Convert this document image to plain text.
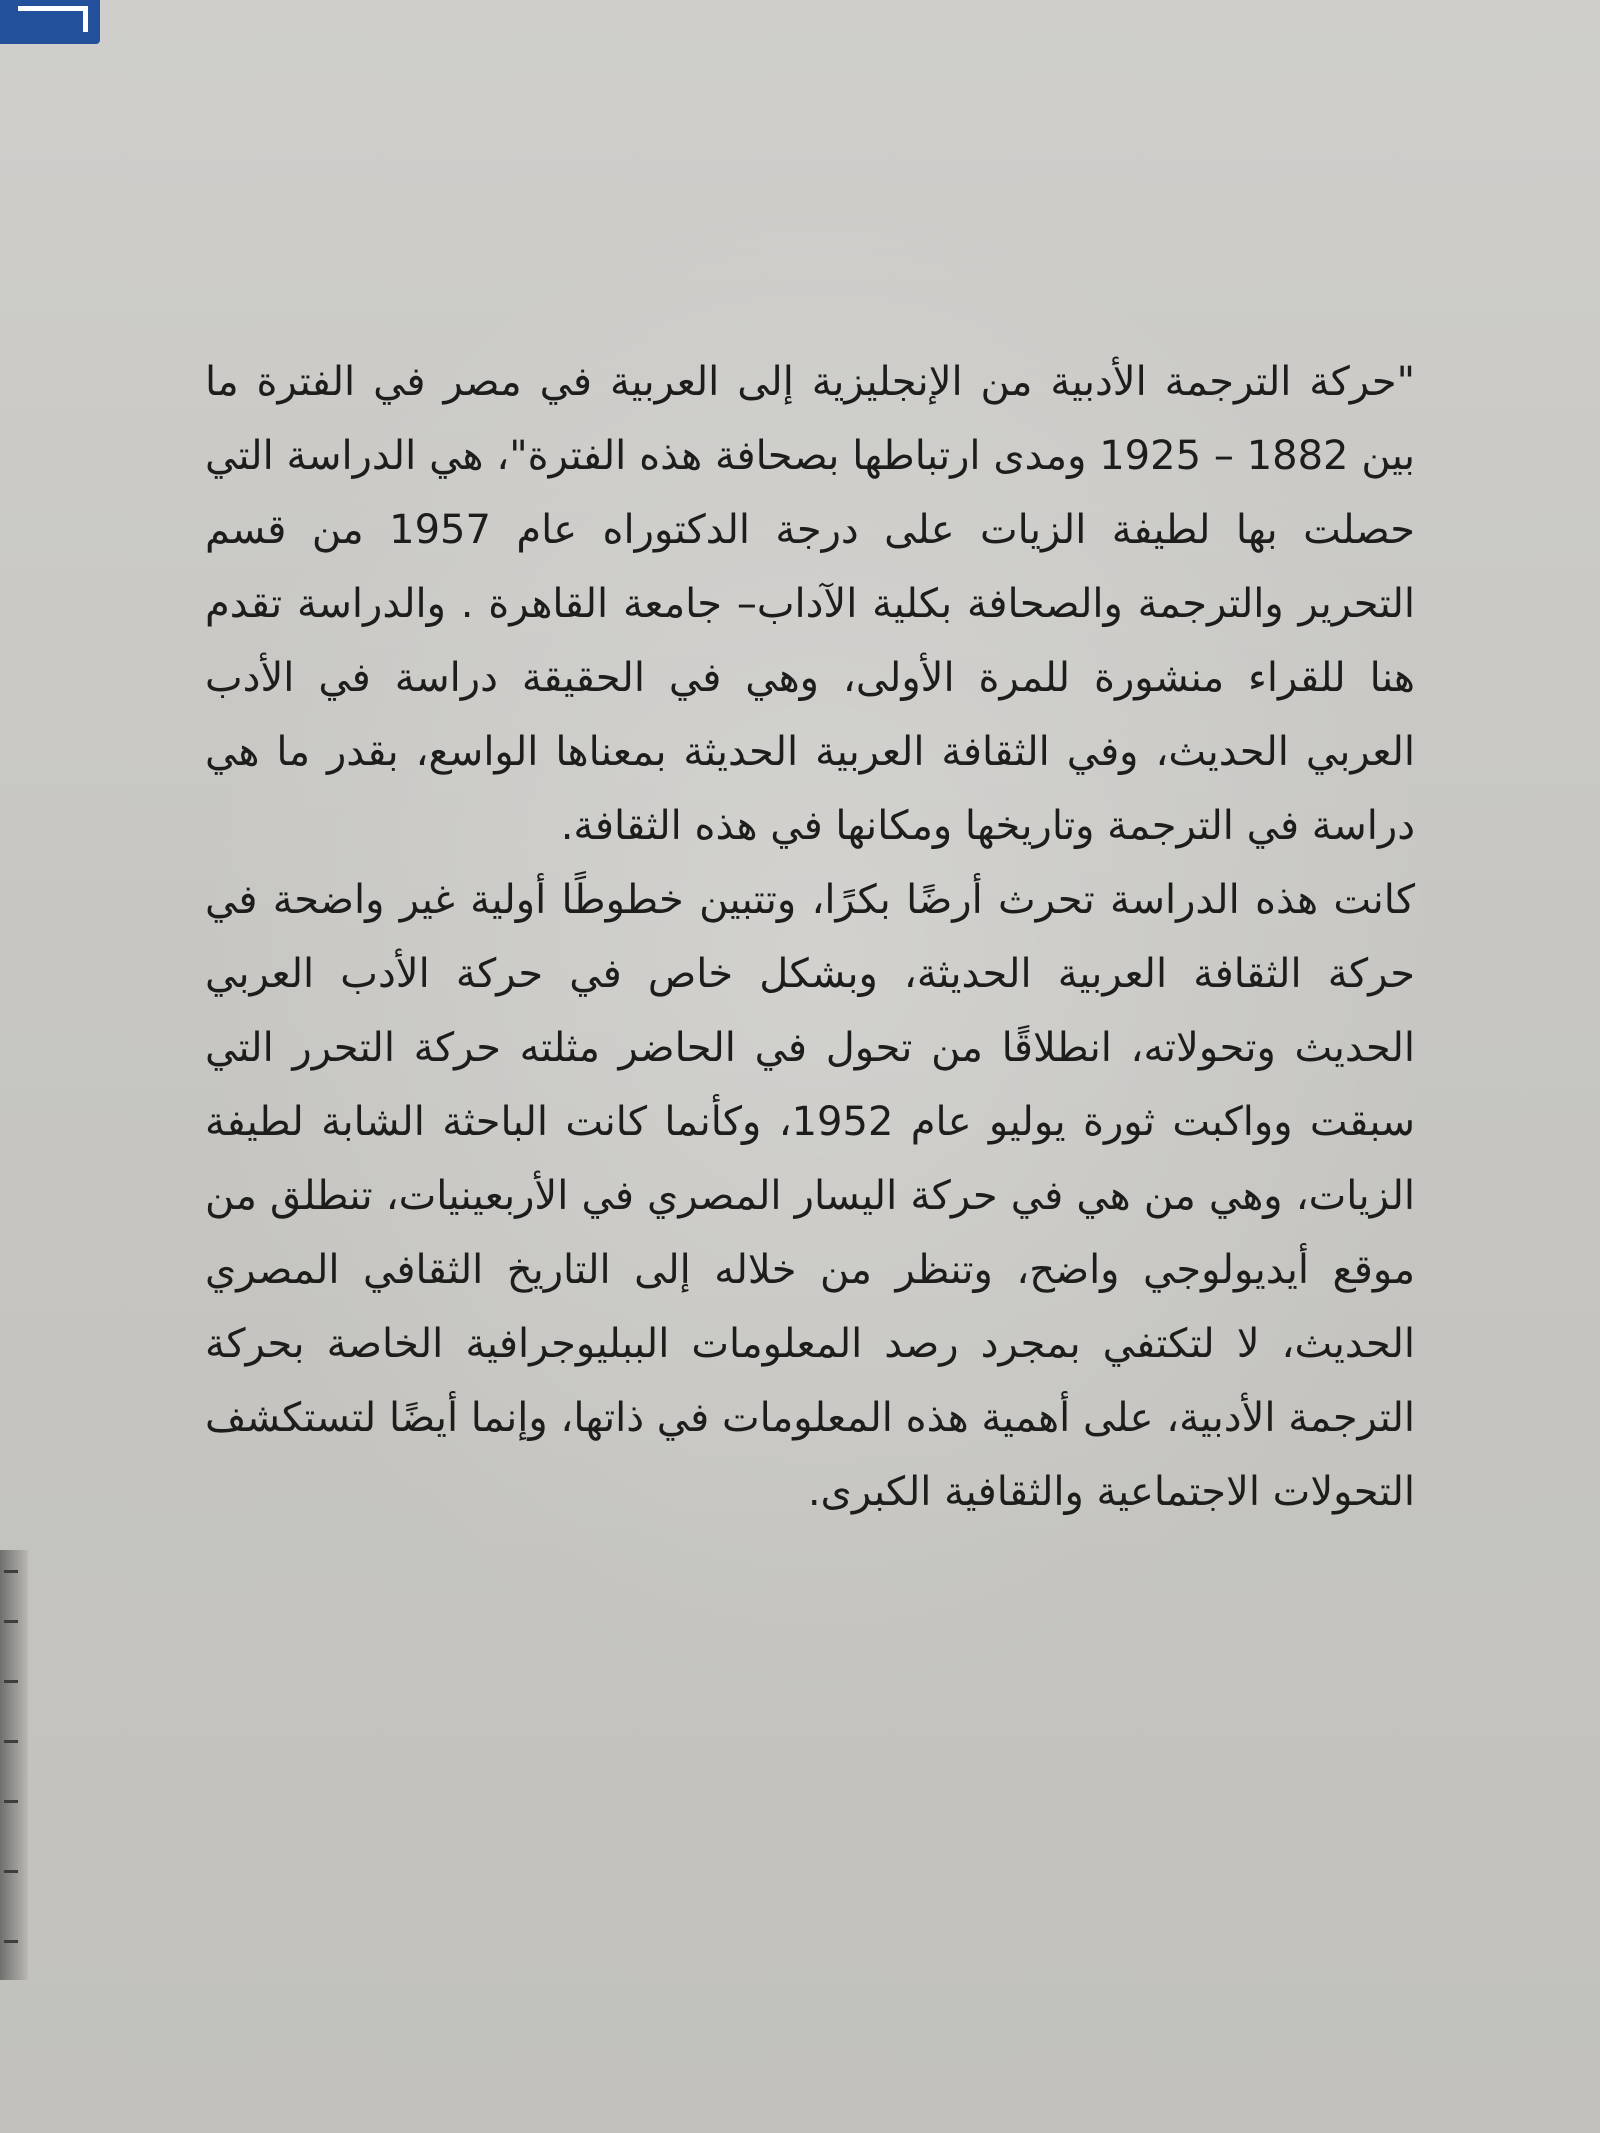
"حركة الترجمة الأدبية من الإنجليزية إلى العربية في مصر في الفترة ما بين 1882 – 1925 ومدى ارتباطها بصحافة هذه الفترة"، هي الدراسة التي حصلت بها لطيفة الزيات على درجة الدكتوراه عام 1957 من قسم التحرير والترجمة والصحافة بكلية الآداب– جامعة القاهرة . والدراسة تقدم هنا للقراء منشورة للمرة الأولى، وهي في الحقيقة دراسة في الأدب العربي الحديث، وفي الثقافة العربية الحديثة بمعناها الواسع، بقدر ما هي دراسة في الترجمة وتاريخها ومكانها في هذه الثقافة.

كانت هذه الدراسة تحرث أرضًا بكرًا، وتتبين خطوطًا أولية غير واضحة في حركة الثقافة العربية الحديثة، وبشكل خاص في حركة الأدب العربي الحديث وتحولاته، انطلاقًا من تحول في الحاضر مثلته حركة التحرر التي سبقت وواكبت ثورة يوليو عام 1952، وكأنما كانت الباحثة الشابة لطيفة الزيات، وهي من هي في حركة اليسار المصري في الأربعينيات، تنطلق من موقع أيديولوجي واضح، وتنظر من خلاله إلى التاريخ الثقافي المصري الحديث، لا لتكتفي بمجرد رصد المعلومات الببليوجرافية الخاصة بحركة الترجمة الأدبية، على أهمية هذه المعلومات في ذاتها، وإنما أيضًا لتستكشف التحولات الاجتماعية والثقافية الكبرى.
